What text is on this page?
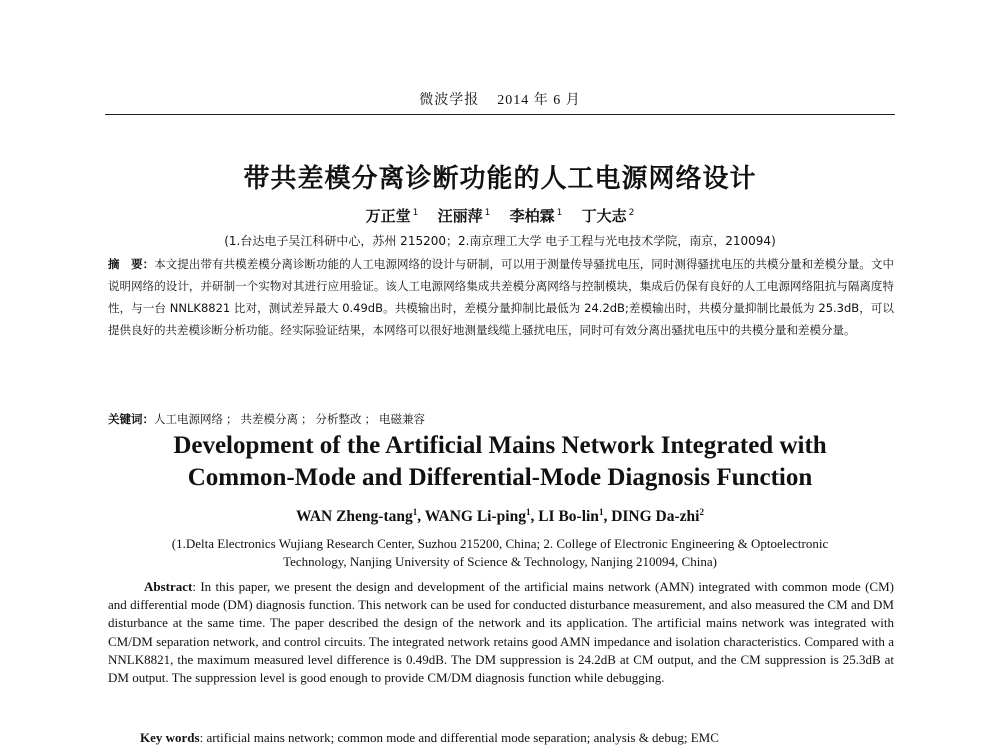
微波学报 2014 年 6 月
带共差模分离诊断功能的人工电源网络设计
万正堂 $^1$ 汪丽萍 $^1$ 李柏霖 $^1$ 丁大志 $^2$
(1.台达电子吴江科研中心，苏州 215200；2.南京理工大学 电子工程与光电技术学院，南京，210094)
摘　要：本文提出带有共模差模分离诊断功能的人工电源网络的设计与研制，可以用于测量传导骚扰电压，同时测得骚扰电压的共模分量和差模分量。文中说明网络的设计，并研制一个实物对其进行应用验证。该人工电源网络集成共差模分离网络与控制模块，集成后仍保有良好的人工电源网络阻抗与隔离度特性，与一台 NNLK8821 比对，测试差异最大 0.49dB。共模输出时，差模分量抑制比最低为 24.2dB;差模输出时，共模分量抑制比最低为 25.3dB，可以提供良好的共差模诊断分析功能。经实际验证结果，本网络可以很好地测量线缆上骚扰电压，同时可有效分离出骚扰电压中的共模分量和差模分量。
关键词：人工电源网络 ； 共差模分离 ； 分析整改 ； 电磁兼容
Development of the Artificial Mains Network Integrated with
Common-Mode and Differential-Mode Diagnosis Function
WAN Zheng-tang$^1$, WANG Li-ping$^1$, LI Bo-lin$^1$, DING Da-zhi$^2$
(1.Delta Electronics Wujiang Research Center, Suzhou 215200, China; 2. College of Electronic Engineering & Optoelectronic
Technology, Nanjing University of Science & Technology, Nanjing 210094, China)
Abstract: In this paper, we present the design and development of the artificial mains network (AMN) integrated with common mode (CM) and differential mode (DM) diagnosis function. This network can be used for conducted disturbance measurement, and also measured the CM and DM disturbance at the same time. The paper described the design of the network and its application. The artificial mains network was integrated with CM/DM separation network, and control circuits. The integrated network retains good AMN impedance and isolation characteristics. Compared with a NNLK8821, the maximum measured level difference is 0.49dB. The DM suppression is 24.2dB at CM output, and the CM suppression is 25.3dB at DM output. The suppression level is good enough to provide CM/DM diagnosis function while debugging.
Key words: artificial mains network; common mode and differential mode separation; analysis & debug; EMC
